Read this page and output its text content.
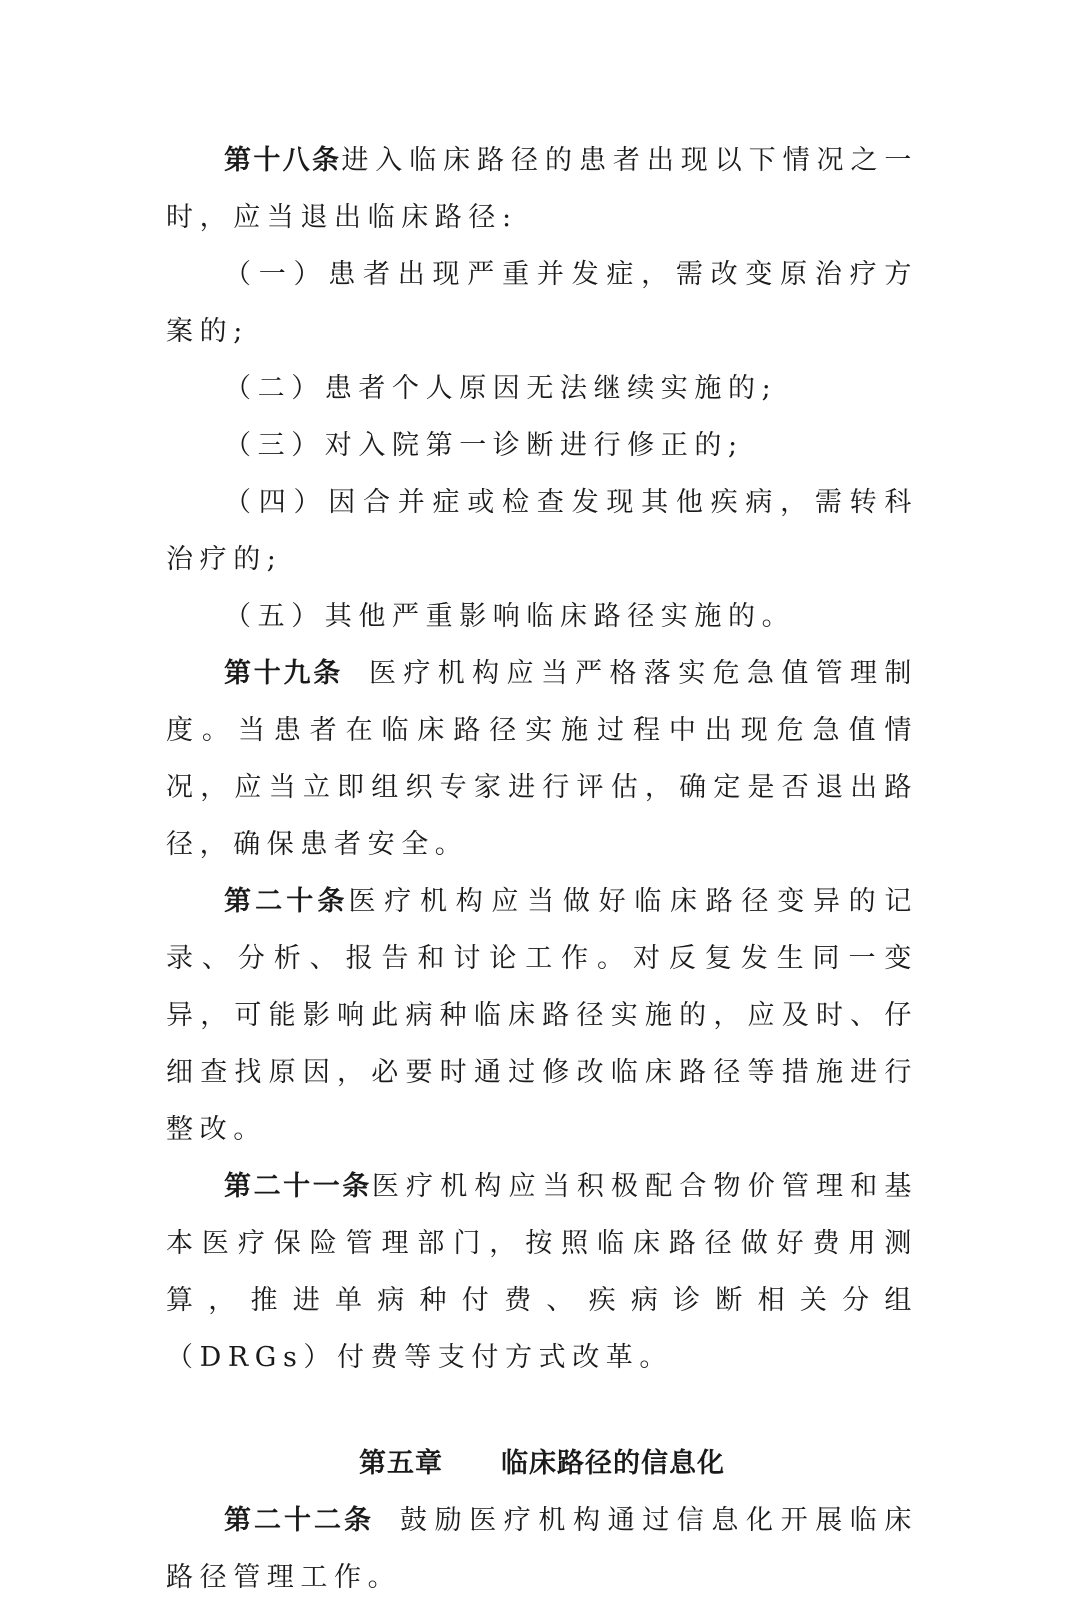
第十八条进入临床路径的患者出现以下情况之一时，应当退出临床路径:

（一）患者出现严重并发症，需改变原治疗方案的;

（二）患者个人原因无法继续实施的;

（三）对入院第一诊断进行修正的;

（四）因合并症或检查发现其他疾病，需转科治疗的;

（五）其他严重影响临床路径实施的。

第十九条 医疗机构应当严格落实危急值管理制度。当患者在临床路径实施过程中出现危急值情况，应当立即组织专家进行评估，确定是否退出路径，确保患者安全。

第二十条医疗机构应当做好临床路径变异的记录、分析、报告和讨论工作。对反复发生同一变异，可能影响此病种临床路径实施的，应及时、仔细查找原因，必要时通过修改临床路径等措施进行整改。

第二十一条医疗机构应当积极配合物价管理和基本医疗保险管理部门，按照临床路径做好费用测算，推进单病种付费、疾病诊断相关分组（DRGs）付费等支付方式改革。

第五章 临床路径的信息化

第二十二条 鼓励医疗机构通过信息化开展临床路径管理工作。
